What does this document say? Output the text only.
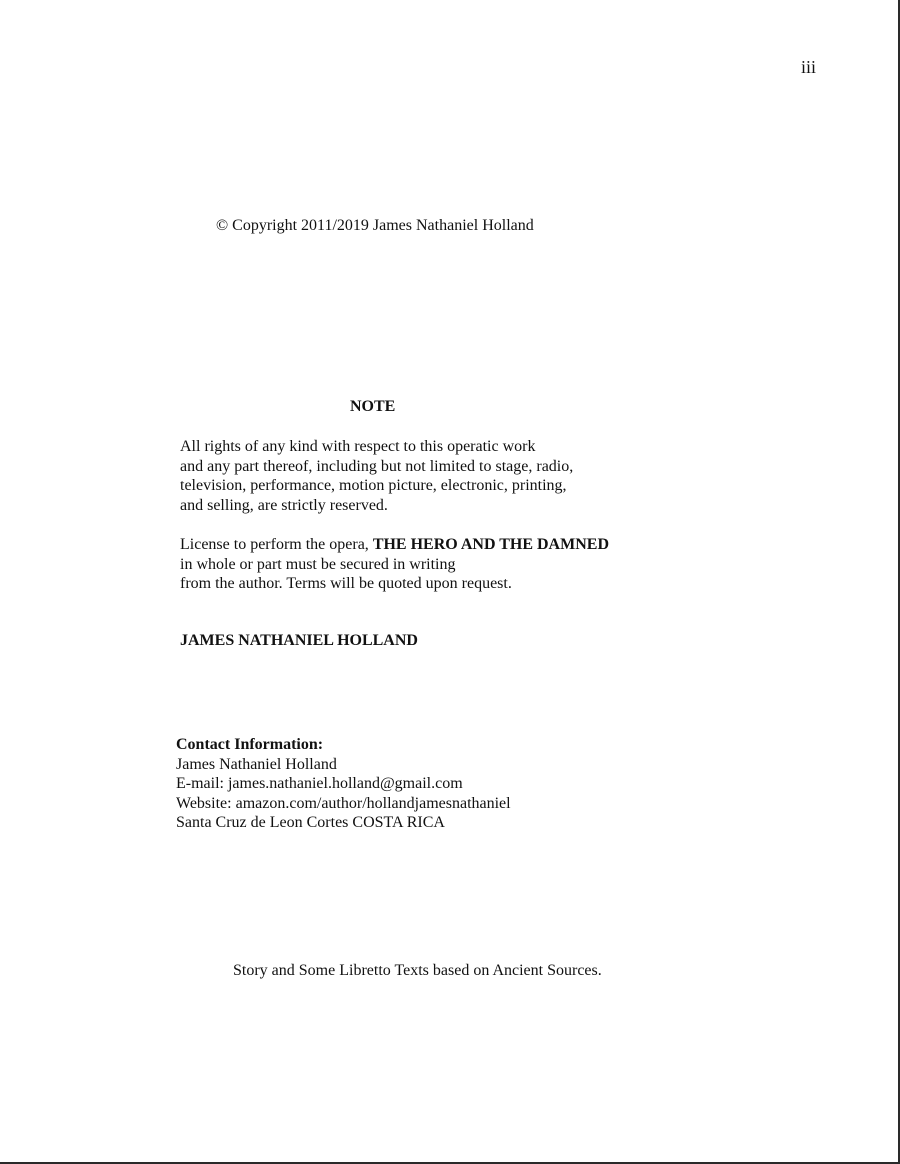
iii
© Copyright 2011/2019 James Nathaniel Holland
NOTE
All rights of any kind with respect to this operatic work
and any part thereof, including but not limited to stage, radio,
television, performance, motion picture, electronic, printing,
and selling, are strictly reserved.
License to perform the opera, THE HERO AND THE DAMNED
in whole or part must be secured in writing
from the author. Terms will be quoted upon request.
JAMES NATHANIEL HOLLAND
Contact Information:
James Nathaniel Holland
E-mail: james.nathaniel.holland@gmail.com
Website: amazon.com/author/hollandjamesnathaniel
Santa Cruz de Leon Cortes COSTA RICA
Story and Some Libretto Texts based on Ancient Sources.
